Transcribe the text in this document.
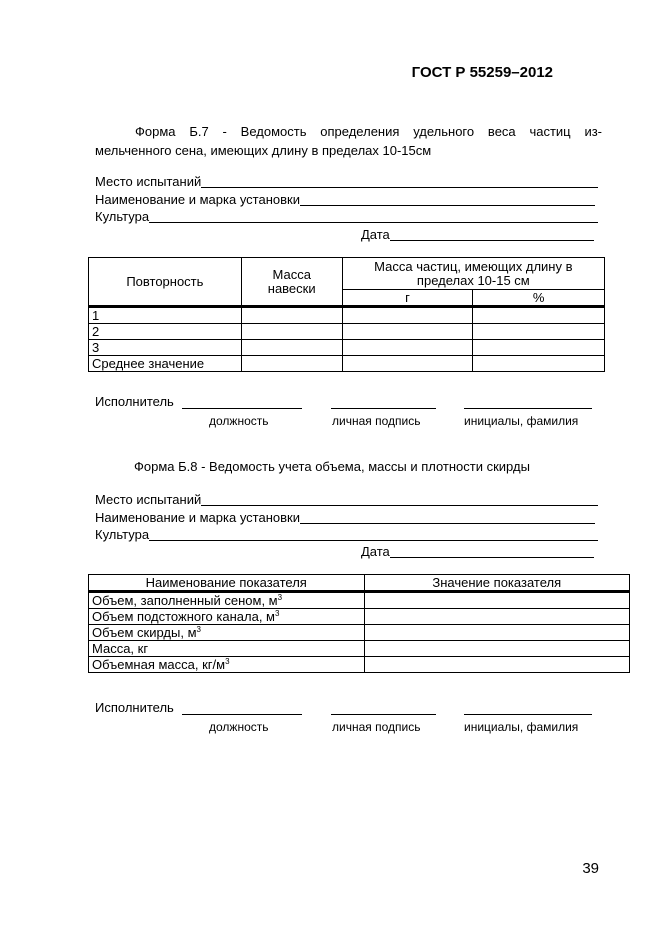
ГОСТ Р 55259–2012
Форма Б.7 - Ведомость определения удельного веса частиц из-
мельченного сена, имеющих длину в пределах 10-15см
Место испытаний
Наименование и марка установки
Культура
Дата
Повторность	Масса навески	Масса частиц, имеющих длину в пределах 10-15 см	
		г	%
1			
2			
3			
Среднее значение			
Исполнитель
должность	личная подпись	инициалы, фамилия
Форма Б.8 - Ведомость учета объема, массы и плотности скирды
Место испытаний
Наименование и марка установки
Культура
Дата
Наименование показателя	Значение показателя
Объем, заполненный сеном, $м^3$	
Объем подстожного канала, $м^3$	
Объем скирды, $м^3$	
Масса, кг	
Объемная масса, $кг/м^3$	
Исполнитель
должность	личная подпись	инициалы, фамилия
39
